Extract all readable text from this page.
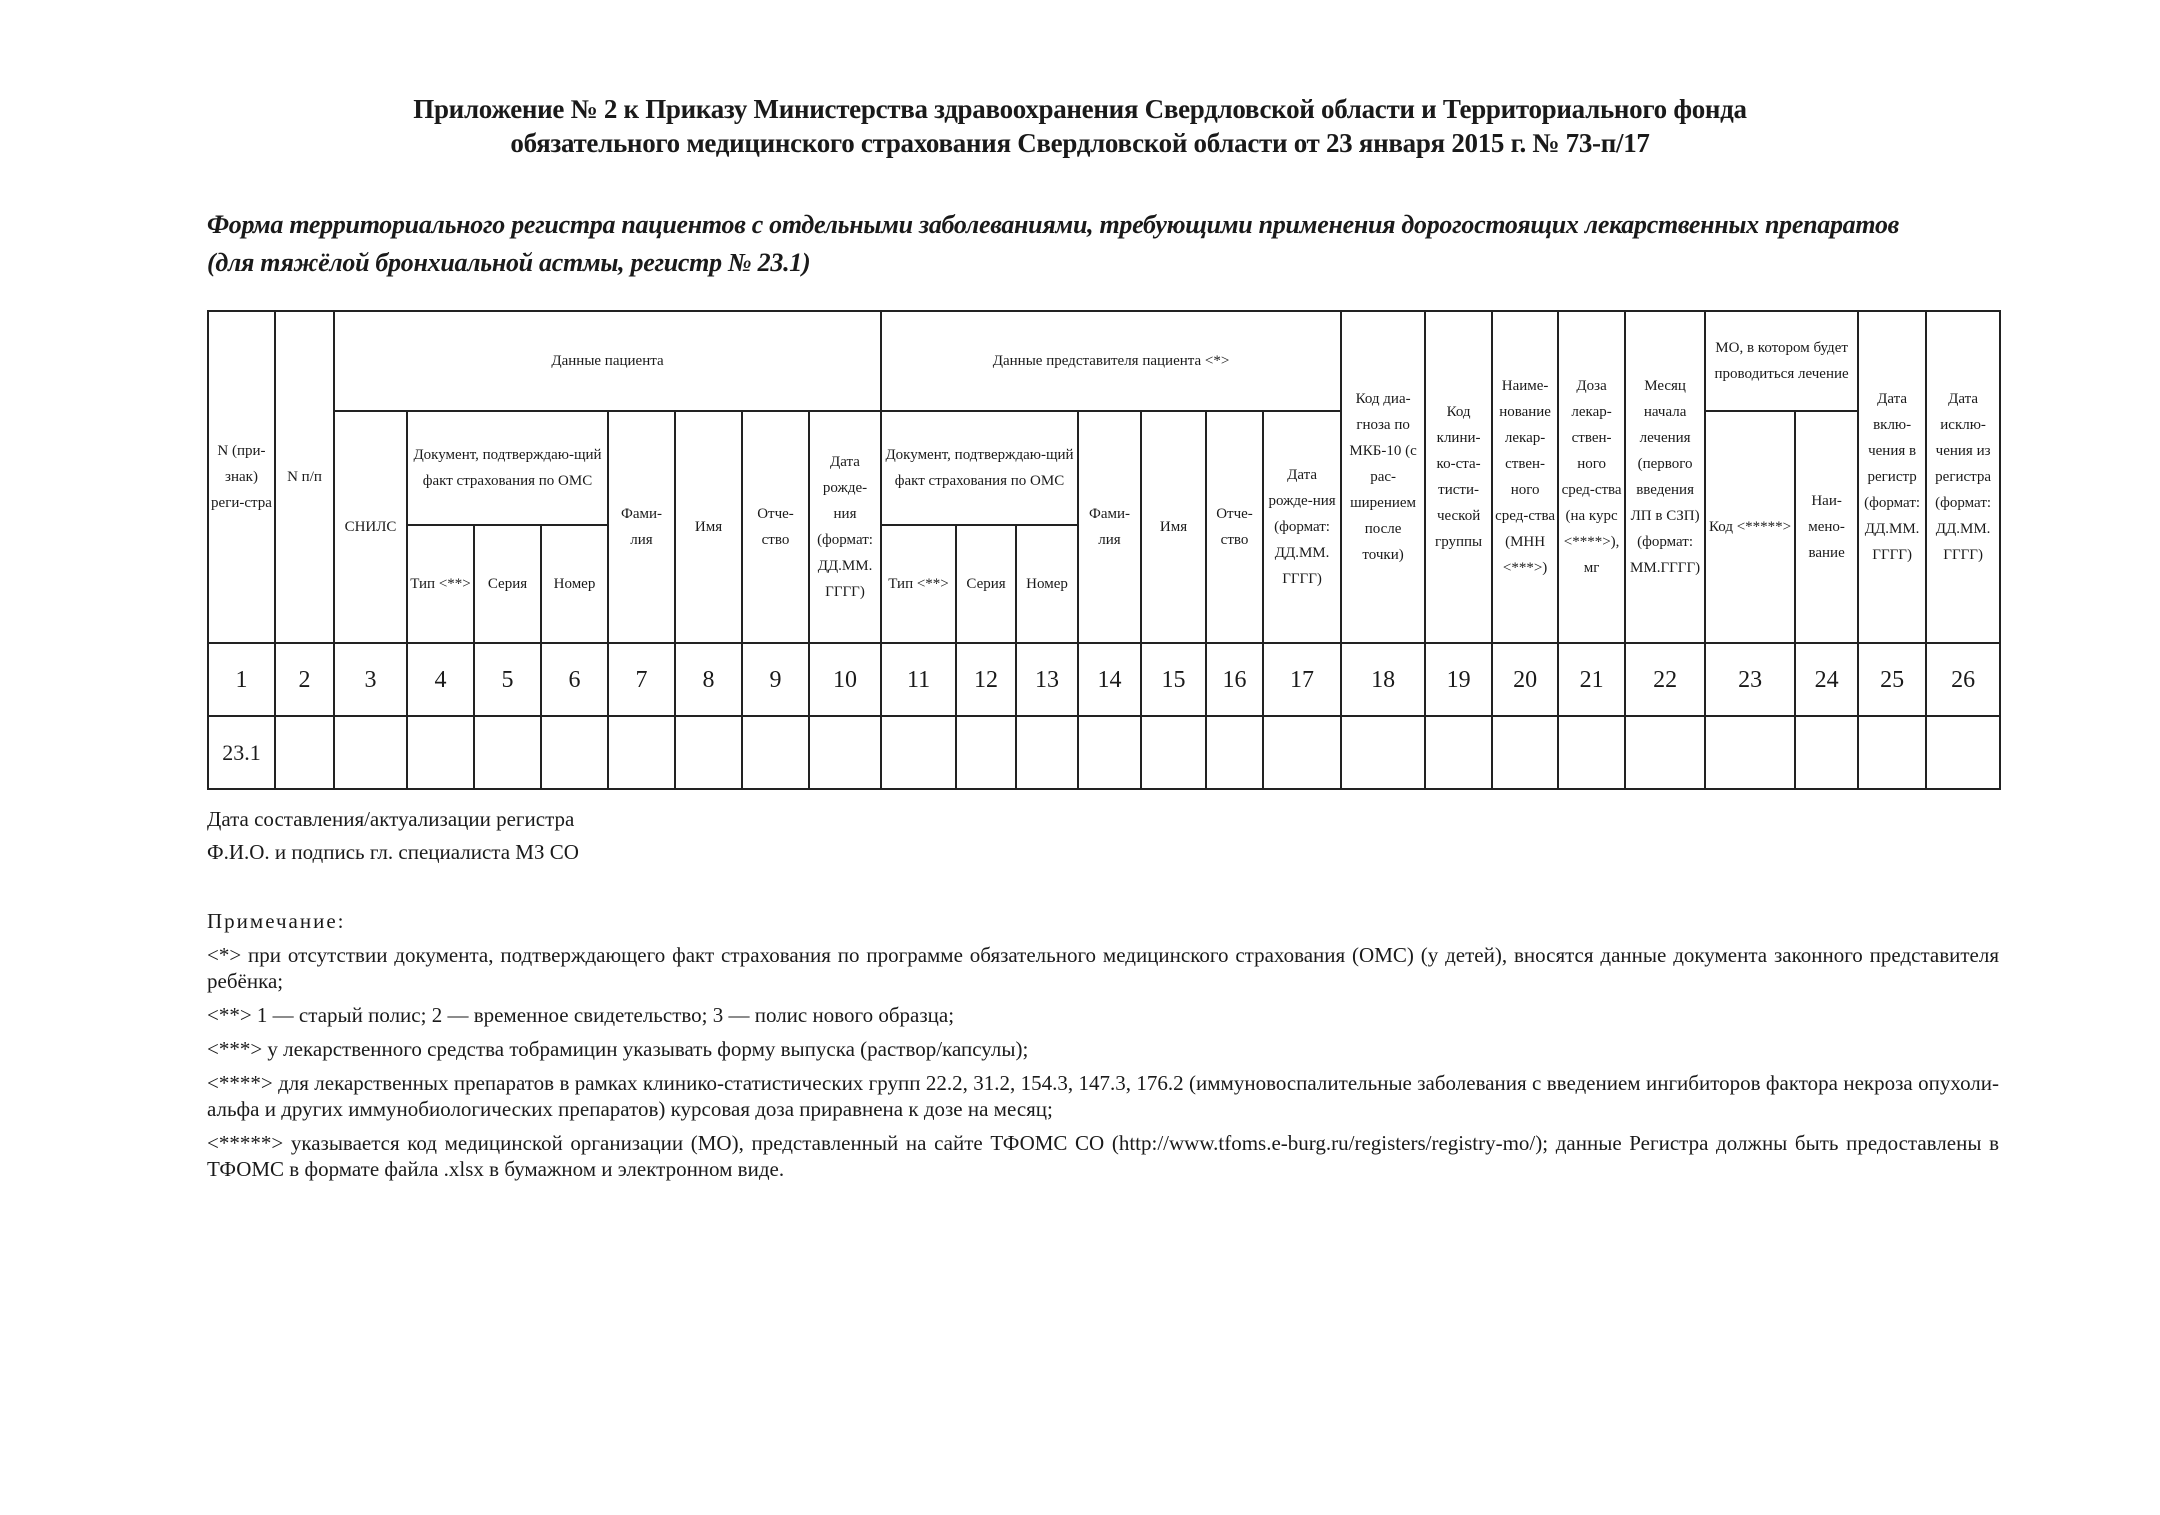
Приложение № 2 к Приказу Министерства здравоохранения Свердловской области и Территориального фонда
обязательного медицинского страхования Свердловской области от 23 января 2015 г. № 73-п/17
Форма территориального регистра пациентов с отдельными заболеваниями, требующими применения дорогостоящих лекарственных препаратов
(для тяжёлой бронхиальной астмы, регистр № 23.1)
N (при-знак) реги-стра	N п/п	Данные пациента								Данные представителя пациента <*>							Код диа-гноза по МКБ-10 (с рас-ширением после точки)	Код клини-ко-ста-тисти-ческой группы	Наиме-нование лекар-ствен-ного сред-ства (МНН <***>)	Доза лекар-ствен-ного сред-ства (на курс <****>), мг	Месяц начала лечения (первого введения ЛП в СЗП) (формат: ММ.ГГГГ)	МО, в котором будет проводиться лечение		Дата вклю-чения в регистр (формат: ДД.ММ. ГГГГ)	Дата исклю-чения из регистра (формат: ДД.ММ. ГГГГ)
		СНИЛС	Документ, подтверждаю-щий факт страхования по ОМС			Фами-лия	Имя	Отче-ство	Дата рожде-ния (формат: ДД.ММ. ГГГГ)	Документ, подтверждаю-щий факт страхования по ОМС			Фами-лия	Имя	Отче-ство	Дата рожде-ния (формат: ДД.ММ. ГГГГ)						Код <*****>	Наи-мено-вание		
			Тип <**>	Серия	Номер					Тип <**>	Серия	Номер													
1	2	3	4	5	6	7	8	9	10	11	12	13	14	15	16	17	18	19	20	21	22	23	24	25	26
23.1																									
Дата составления/актуализации регистра
Ф.И.О. и подпись гл. специалиста МЗ СО
Примечание:

<*> при отсутствии документа, подтверждающего факт страхования по программе обязательного медицинского страхования (ОМС) (у детей), вносятся данные документа законного представителя ребёнка;

<**> 1 — старый полис; 2 — временное свидетельство; 3 — полис нового образца;

<***> у лекарственного средства тобрамицин указывать форму выпуска (раствор/капсулы);

<****> для лекарственных препаратов в рамках клинико-статистических групп 22.2, 31.2, 154.3, 147.3, 176.2 (иммуновоспалительные заболевания с введением ингибиторов фактора некроза опухоли-альфа и других иммунобиологических препаратов) курсовая доза приравнена к дозе на месяц;

<*****> указывается код медицинской организации (МО), представленный на сайте ТФОМС СО (http://www.tfoms.e-burg.ru/registers/registry-mo/); данные Регистра должны быть предоставлены в ТФОМС в формате файла .xlsx в бумажном и электронном виде.
